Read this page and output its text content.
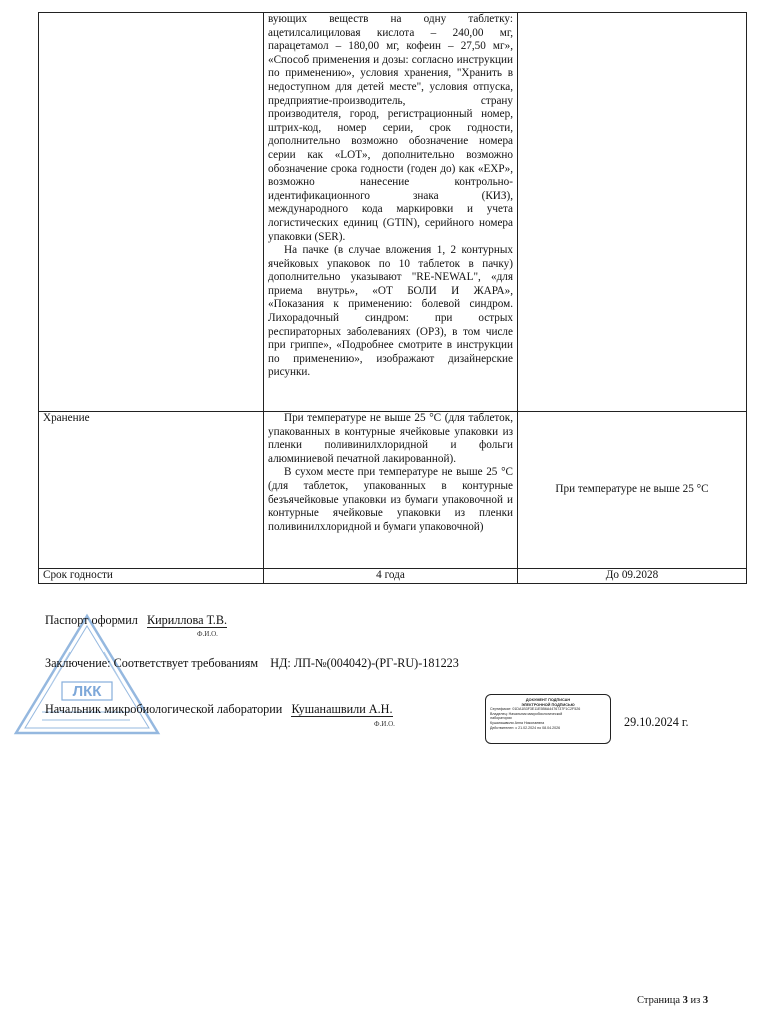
	вующих веществ на одну таблетку: ацетилсалициловая кислота – 240,00 мг, парацетамол – 180,00 мг, кофеин – 27,50 мг», «Способ применения и дозы: согласно инструкции по применению», условия хранения, "Хранить в недоступном для детей месте", условия отпуска, предприятие-производитель, страну производителя, город, регистрационный номер, штрих-код, номер серии, срок годности, дополнительно возможно обозначение номера серии как «LOT», дополнительно возможно обозначение срока годности (годен до) как «EXP», возможно нанесение контрольно-идентификационного знака (КИЗ), международного кода маркировки и учета логистических единиц (GTIN), серийного номера упаковки (SER).
На пачке (в случае вложения 1, 2 контурных ячейковых упаковок по 10 таблеток в пачку) дополнительно указывают "RE-NEWAL", «для приема внутрь», «ОТ БОЛИ И ЖАРА», «Показания к применению: болевой синдром. Лихорадочный синдром: при острых респираторных заболеваниях (ОРЗ), в том числе при гриппе», «Подробнее смотрите в инструкции по применению», изображают дизайнерские рисунки.	

Хранение	При температуре не выше 25 °С (для таблеток, упакованных в контурные ячейковые упаковки из пленки поливинилхлоридной и фольги алюминиевой печатной лакированной).
В сухом месте при температуре не выше 25 °С (для таблеток, упакованных в контурные безъячейковые упаковки из бумаги упаковочной и контурные ячейковые упаковки из пленки поливинилхлоридной и бумаги упаковочной)	При температуре не выше 25 °С
Срок годности	4 года	До 09.2028
ЛКК
Паспорт оформил Кириллова Т.В.
Ф.И.О.
Заключение: Соответствует требованиям НД: ЛП-№(004042)-(РГ-RU)-181223
Начальник микробиологической лаборатории Кушанашвили А.Н.
Ф.И.О.
ДОКУМЕНТ ПОДПИСАН
ЭЛЕКТРОННОЙ ПОДПИСЬЮ
Сертификат: 01DA1B3F3E11E5B6A4476737F1C2F526
Владелец: Начальник микробиологической
лаборатории
Кушанашвили Анна Николаевна
Действителен: с 21.02.2024 по 08.04.2026	29.10.2024 г.
Страница 3 из 3
